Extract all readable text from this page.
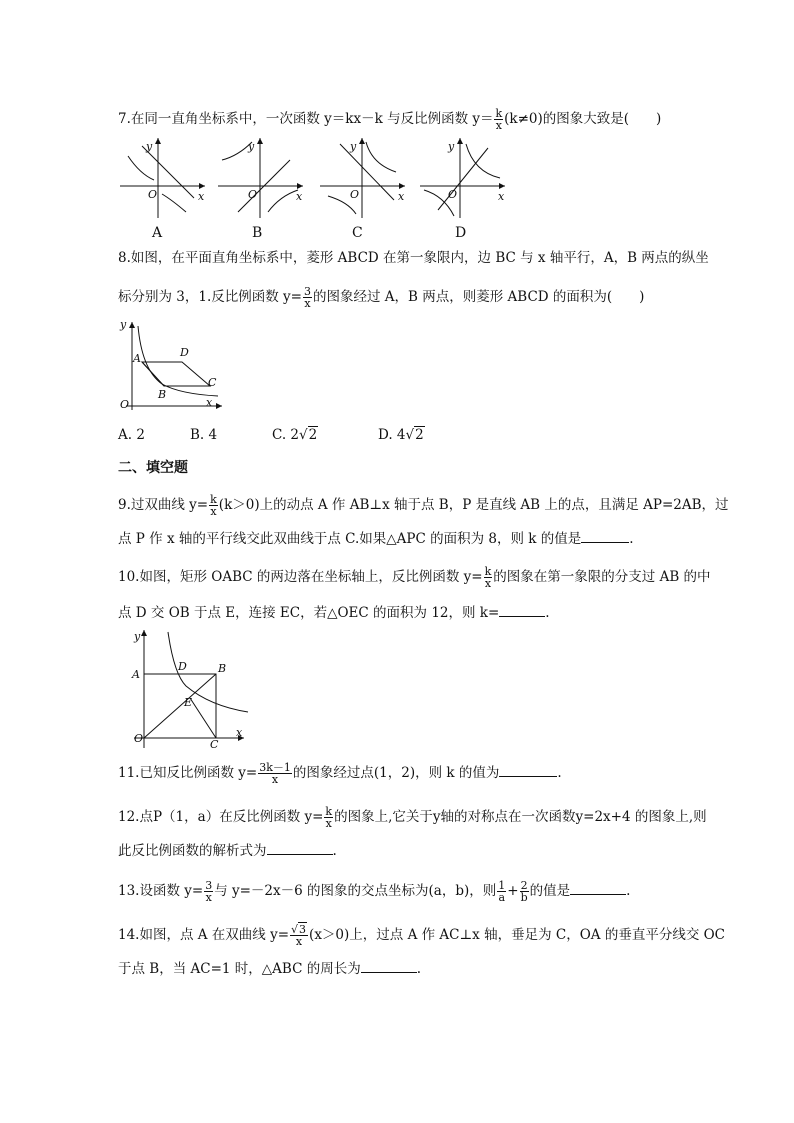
7.在同一直角坐标系中，一次函数 y＝kx－k 与反比例函数 $y= \frac{k}{x} (k\ne 0)$的图象大致是(　　)
y
O	x
y
O	x
y
O	x
y
O	x
A	B	C	D
8.如图，在平面直角坐标系中，菱形 ABCD 在第一象限内，边 BC 与 x 轴平行，A，B 两点的纵坐
标分别为 3，1.反比例函数 $y= \frac{3}{x}$ 的图象经过 A，B 两点，则菱形 ABCD 的面积为(　　)
y
A	D
C
B
O	x
A. 2	B. 4	C. 2√2	D. 4√2
二、填空题
9.过双曲线 $y= \frac{k}{x} (k>0)$上的动点 A 作 AB⊥x 轴于点 B，P 是直线 AB 上的点，且满足 AP=2AB，过
点 P 作 x 轴的平行线交此双曲线于点 C.如果△APC 的面积为 8，则 k 的值是	.
10.如图，矩形 OABC 的两边落在坐标轴上，反比例函数 $y= \frac{k}{x}$ 的图象在第一象限的分支过 AB 的中
点 D 交 OB 于点 E，连接 EC，若△OEC 的面积为 12，则 k=	.
y
A
D	B
E
O	C
x
11.已知反比例函数 $y= \frac{3k-1}{x}$ 的图象经过点(1，2)，则 k 的值为	.
12.点P（1，a）在反比例函数 $y= \frac{k}{x}$ 的图象上,它关于y轴的对称点在一次函数y=2x+4 的图象上,则
此反比例函数的解析式为	.
13.设函数 $y= \frac{3}{x}$ 与 y=－2x－6 的图象的交点坐标为(a，b)，则 $\frac{1}{a} + \frac{2}{b}$ 的值是	.
14.如图，点 A 在双曲线 $y= \frac{√3}{x} (x>0)$上，过点 A 作 AC⊥x 轴，垂足为 C，OA 的垂直平分线交 OC
于点 B，当 AC=1 时，△ABC 的周长为	.
